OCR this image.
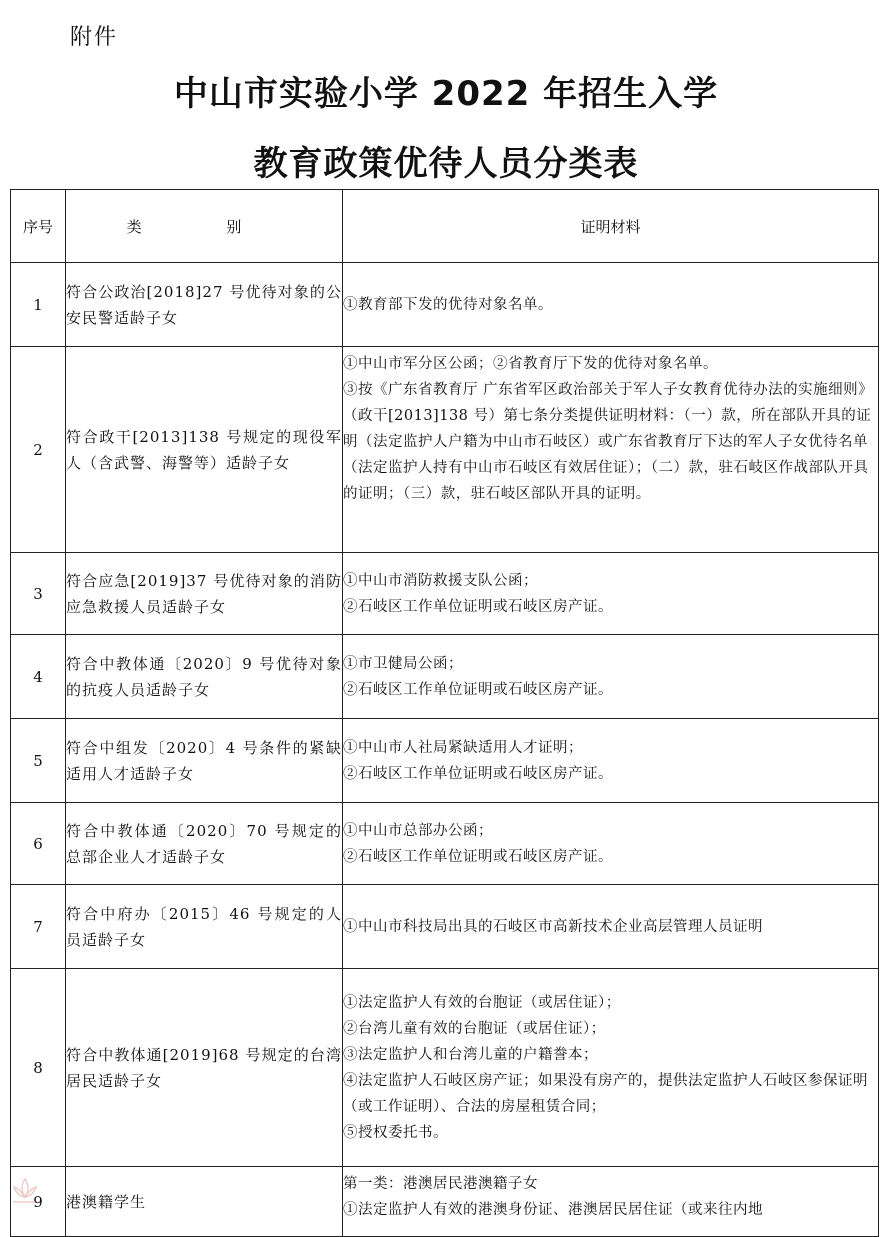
附件
中山市实验小学 2022 年招生入学
教育政策优待人员分类表
序号	类 别	证明材料
1	符合公政治[2018]27 号优待对象的公安民警适龄子女	①教育部下发的优待对象名单。

2	符合政干[2013]138 号规定的现役军人（含武警、海警等）适龄子女	①中山市军分区公函；②省教育厅下发的优待对象名单。
③按《广东省教育厅 广东省军区政治部关于军人子女教育优待办法的实施细则》（政干[2013]138 号）第七条分类提供证明材料：（一）款，所在部队开具的证明（法定监护人户籍为中山市石岐区）或广东省教育厅下达的军人子女优待名单（法定监护人持有中山市石岐区有效居住证）；（二）款，驻石岐区作战部队开具的证明；（三）款，驻石岐区部队开具的证明。

3	符合应急[2019]37 号优待对象的消防应急救援人员适龄子女	①中山市消防救援支队公函；
②石岐区工作单位证明或石岐区房产证。

4	符合中教体通〔2020〕9 号优待对象的抗疫人员适龄子女	①市卫健局公函；
②石岐区工作单位证明或石岐区房产证。

5	符合中组发〔2020〕4 号条件的紧缺适用人才适龄子女	①中山市人社局紧缺适用人才证明；
②石岐区工作单位证明或石岐区房产证。

6	符合中教体通〔2020〕70 号规定的总部企业人才适龄子女	①中山市总部办公函；
②石岐区工作单位证明或石岐区房产证。

7	符合中府办〔2015〕46 号规定的人员适龄子女	①中山市科技局出具的石岐区市高新技术企业高层管理人员证明

8	符合中教体通[2019]68 号规定的台湾居民适龄子女	①法定监护人有效的台胞证（或居住证）；
②台湾儿童有效的台胞证（或居住证）；
③法定监护人和台湾儿童的户籍誊本；
④法定监护人石岐区房产证；如果没有房产的，提供法定监护人石岐区参保证明（或工作证明）、合法的房屋租赁合同；
⑤授权委托书。

9	港澳籍学生	第一类：港澳居民港澳籍子女
①法定监护人有效的港澳身份证、港澳居民居住证（或来往内地
